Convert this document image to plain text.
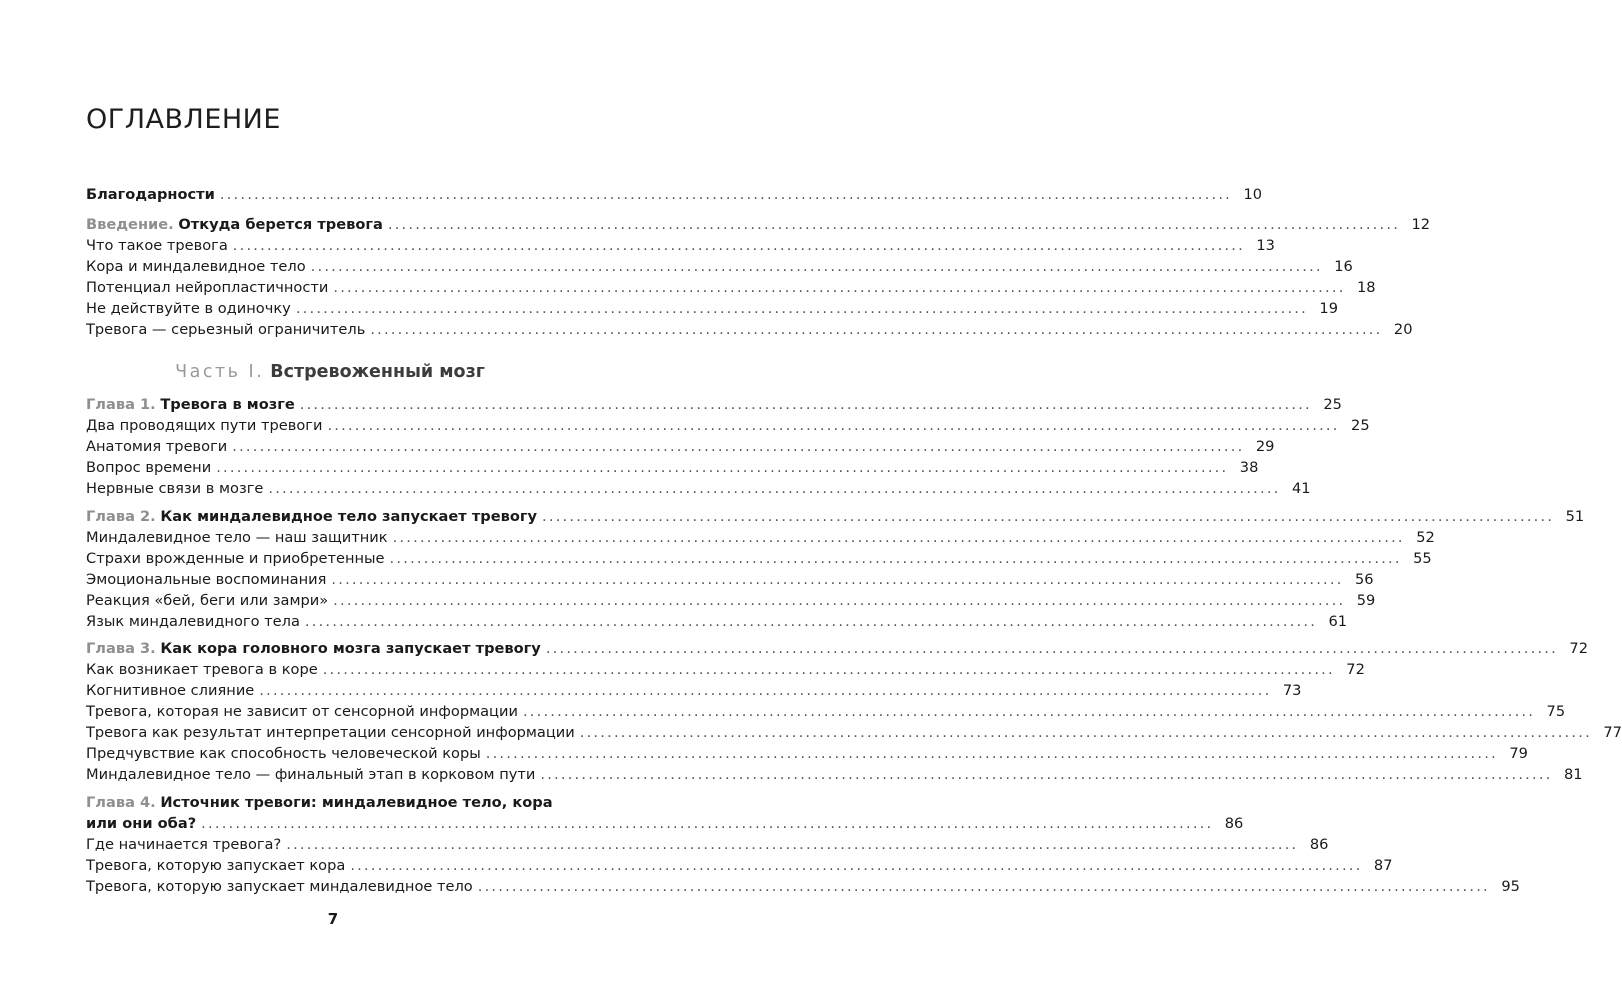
ОГЛАВЛЕНИЕ
Благодарности .....	10
Введение. Откуда берется тревога .....	12
Что такое тревога .....	13
Кора и миндалевидное тело .....	16
Потенциал нейропластичности .....	18
Не действуйте в одиночку .....	19
Тревога — серьезный ограничитель .....	20
Часть I. Встревоженный мозг
Глава 1. Тревога в мозге .....	25
Два проводящих пути тревоги .....	25
Анатомия тревоги .....	29
Вопрос времени .....	38
Нервные связи в мозге .....	41
Глава 2. Как миндалевидное тело запускает тревогу .....	51
Миндалевидное тело — наш защитник .....	52
Страхи врожденные и приобретенные .....	55
Эмоциональные воспоминания .....	56
Реакция «бей, беги или замри» .....	59
Язык миндалевидного тела .....	61
Глава 3. Как кора головного мозга запускает тревогу .....	72
Как возникает тревога в коре .....	72
Когнитивное слияние .....	73
Тревога, которая не зависит от сенсорной информации .....	75
Тревога как результат интерпретации сенсорной информации .....	77
Предчувствие как способность человеческой коры .....	79
Миндалевидное тело — финальный этап в корковом пути .....	81
Глава 4. Источник тревоги: миндалевидное тело, кора
или они оба? .....	86
Где начинается тревога? .....	86
Тревога, которую запускает кора .....	87
Тревога, которую запускает миндалевидное тело .....	95
7
